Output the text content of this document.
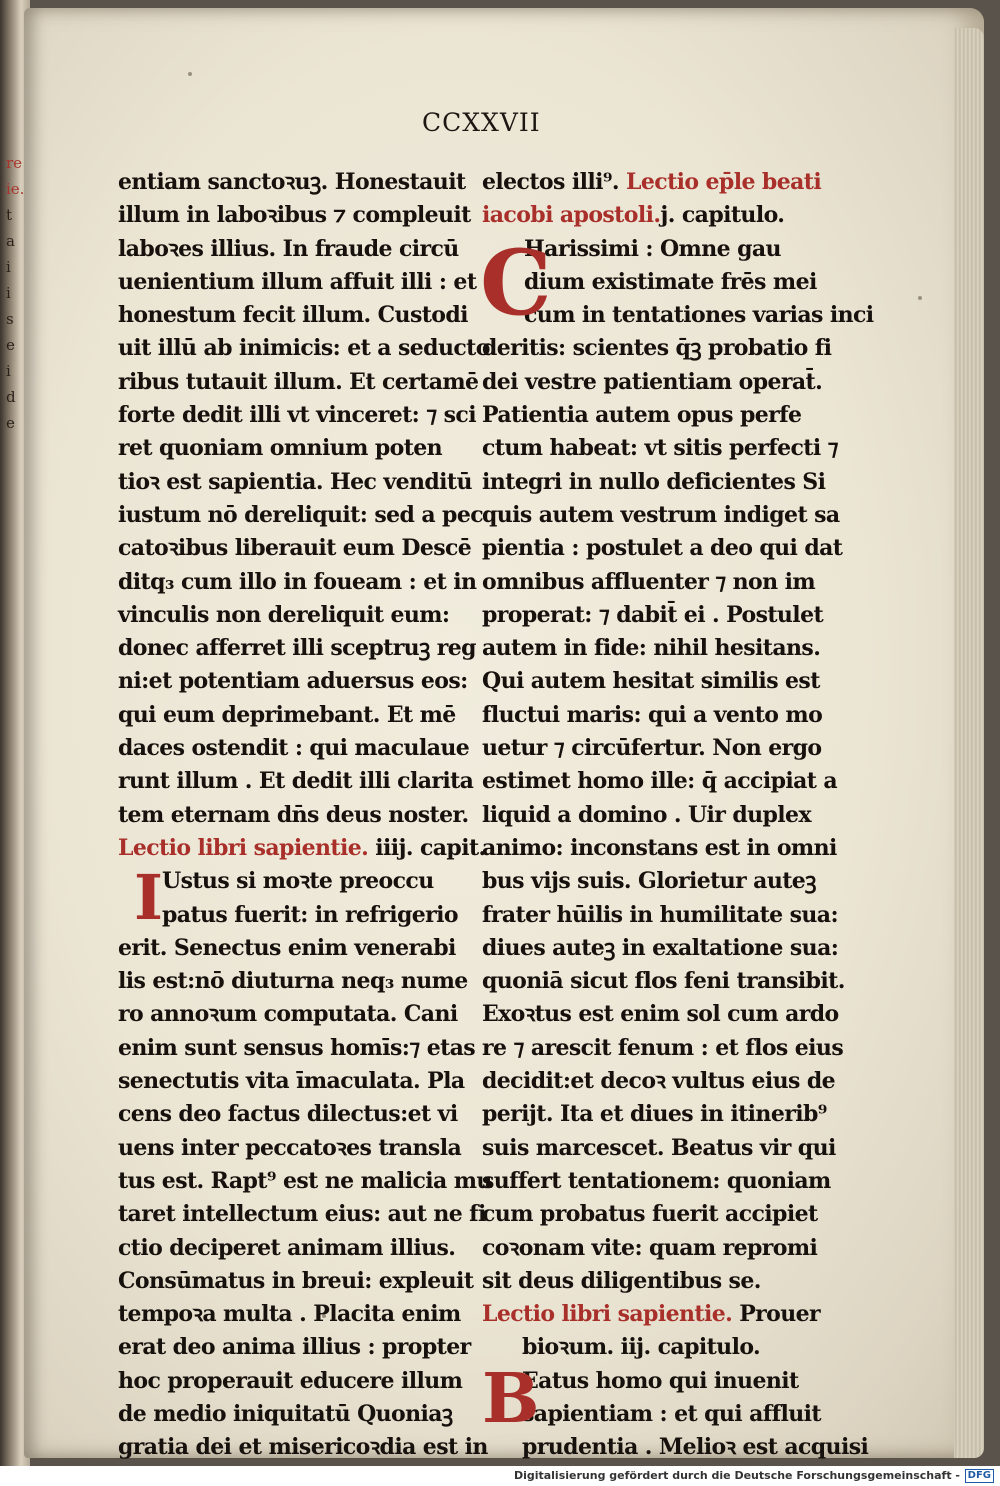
re
ie.
t
a
i
i
s
e
i
d
e
CCXXVII
entiam sanctoꝛuꝫ. Honestauit
illum in laboꝛibus ⁊ compleuit
laboꝛes illius. In fraude circū
uenientium illum affuit illi : et
honestum fecit illum. Custodi
uit illū ab inimicis: et a seducto
ribus tutauit illum. Et certamē
forte dedit illi vt vinceret: ⁊ sci
ret quoniam omnium poten
tioꝛ est sapientia. Hec venditū
iustum nō dereliquit: sed a pec
catoꝛibus liberauit eum Descē
ditq₃ cum illo in foueam : et in
vinculis non dereliquit eum:
donec afferret illi sceptruꝫ reg
ni:et potentiam aduersus eos:
qui eum deprimebant. Et mē
daces ostendit : qui maculaue
runt illum . Et dedit illi clarita
tem eternam dn̄s deus noster.
Lectio libri sapientie. iiij. capit.
I
Ustus si moꝛte preoccu
patus fuerit: in refrigerio
erit. Senectus enim venerabi
lis est:nō diuturna neq₃ nume
ro annoꝛum computata. Cani
enim sunt sensus homīs:⁊ etas
senectutis vita īmaculata. Pla
cens deo factus dilectus:et vi
uens inter peccatoꝛes transla
tus est. Rapt⁹ est ne malicia mu
taret intellectum eius: aut ne fi
ctio deciperet animam illius.
Consūmatus in breui: expleuit
tempoꝛa multa . Placita enim
erat deo anima illius : propter
hoc properauit educere illum
de medio iniquitatū Quoniaꝫ
gratia dei et misericoꝛdia est in
electos illi⁹. Lectio ep̄le beati
iacobi apostoli.j. capitulo.
C
Harissimi : Omne gau
dium existimate frēs mei
cum in tentationes varias inci
deritis: scientes q̄ꝫ probatio fi
dei vestre patientiam operat̄.
Patientia autem opus perfe
ctum habeat: vt sitis perfecti ⁊
integri in nullo deficientes Si
quis autem vestrum indiget sa
pientia : postulet a deo qui dat
omnibus affluenter ⁊ non im
properat: ⁊ dabit̄ ei . Postulet
autem in fide: nihil hesitans.
Qui autem hesitat similis est
fluctui maris: qui a vento mo
uetur ⁊ circūfertur. Non ergo
estimet homo ille: q̄ accipiat a
liquid a domino . Uir duplex
animo: inconstans est in omni
bus vijs suis. Glorietur auteꝫ
frater hūilis in humilitate sua:
diues auteꝫ in exaltatione sua:
quoniā sicut flos feni transibit.
Exoꝛtus est enim sol cum ardo
re ⁊ arescit fenum : et flos eius
decidit:et decoꝛ vultus eius de
perijt. Ita et diues in itinerib⁹
suis marcescet. Beatus vir qui
suffert tentationem: quoniam
cum probatus fuerit accipiet
coꝛonam vite: quam repromi
sit deus diligentibus se.
Lectio libri sapientie. Prouer
B
bioꝛum. iij. capitulo.
Eatus homo qui inuenit
sapientiam : et qui affluit
prudentia . Melioꝛ est acquisi
Digitalisierung gefördert durch die Deutsche Forschungsgemeinschaft - DFG
